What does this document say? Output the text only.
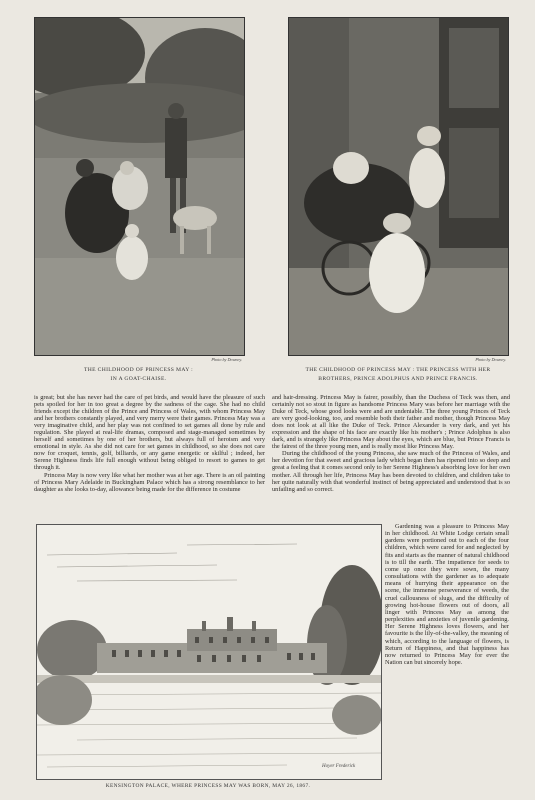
Photo by Downey.
THE CHILDHOOD OF PRINCESS MAY :
IN A GOAT-CHAISE.
Photo by Downey.
THE CHILDHOOD OF PRINCESS MAY : THE PRINCESS WITH HER
BROTHERS, PRINCE ADOLPHUS AND PRINCE FRANCIS.

is great; but she has never had the care of pet birds, and would have the pleasure of such pets spoiled for her in too great a degree by the sadness of the cage. She had no child friends except the children of the Prince and Princess of Wales, with whom Princess May and her brothers constantly played, and very merry were their games. Princess May was a very imaginative child, and her play was not confined to set games all done by rule and regulation. She played at real-life dramas, composed and stage-managed sometimes by herself and sometimes by one of her brothers, but always full of heroism and very emotional in style. As she did not care for set games in childhood, so she does not care now for croquet, tennis, golf, billiards, or any game energetic or skilful ; indeed, her Serene Highness finds life full enough without being obliged to resort to games to get through it.

Princess May is now very like what her mother was at her age. There is an oil painting of Princess Mary Adelaide in Buckingham Palace which has a strong resemblance to her daughter as she looks to-day, allowance being made for the difference in costume

and hair-dressing. Princess May is fairer, possibly, than the Duchess of Teck was then, and certainly not so stout in figure as handsome Princess Mary was before her marriage with the Duke of Teck, whose good looks were and are undeniable. The three young Princes of Teck are very good-looking, too, and resemble both their father and mother, though Princess May does not look at all like the Duke of Teck. Prince Alexander is very dark, and yet his expression and the shape of his face are exactly like his mother's ; Prince Adolphus is also dark, and is strangely like Princess May about the eyes, which are blue, but Prince Francis is the fairest of the three young men, and is really most like Princess May.

During the childhood of the young Princess, she saw much of the Princess of Wales, and her devotion for that sweet and gracious lady which began then has ripened into so deep and great a feeling that it comes second only to her Serene Highness's absorbing love for her own mother. All through her life, Princess May has been devoted to children, and children take to her quite naturally with that wonderful instinct of being appreciated and understood that is so unfailing and so correct.

Hoyer Frederick
KENSINGTON PALACE, WHERE PRINCESS MAY WAS BORN, MAY 26, 1867.

Gardening was a pleasure to Princess May in her childhood. At White Lodge certain small gardens were portioned out to each of the four children, which were cared for and neglected by fits and starts as the manner of natural childhood is to till the earth. The impatience for seeds to come up once they were sown, the many consultations with the gardener as to adequate means of hurrying their appearance on the scene, the immense perseverance of weeds, the cruel callousness of slugs, and the difficulty of growing hot-house flowers out of doors, all linger with Princess May as among the perplexities and anxieties of juvenile gardening. Her Serene Highness loves flowers, and her favourite is the lily-of-the-valley, the meaning of which, according to the language of flowers, is Return of Happiness, and that happiness has now returned to Princess May for ever the Nation can but sincerely hope.
